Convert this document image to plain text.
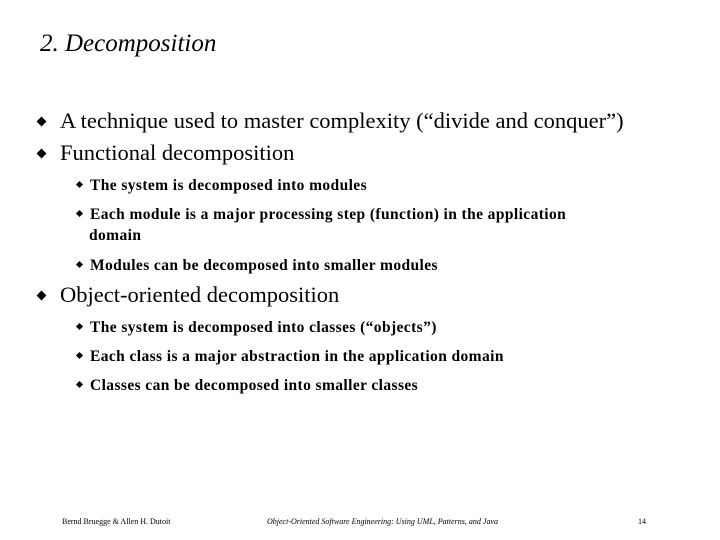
2. Decomposition
A technique used to master complexity (“divide and conquer”)
Functional decomposition
The system is decomposed into modules
Each module is a major processing step (function) in the application
domain
Modules can be decomposed into smaller modules
Object-oriented decomposition
The system is decomposed into classes (“objects”)
Each class is a major abstraction in the application domain
Classes can be decomposed into smaller classes
Bernd Bruegge & Allen H. Dutoit	Object-Oriented Software Engineering: Using UML, Patterns, and Java	14
